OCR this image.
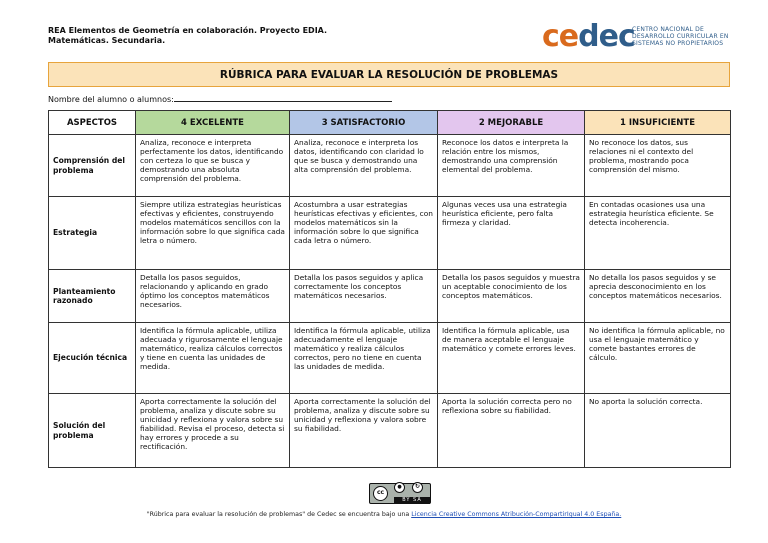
REA Elementos de Geometría en colaboración. Proyecto EDIA.
Matemáticas. Secundaria.	cedec
CENTRO NACIONAL DE DESARROLLO CURRICULAR EN SISTEMAS NO PROPIETARIOS
RÚBRICA PARA EVALUAR LA RESOLUCIÓN DE PROBLEMAS
Nombre del alumno o alumnos:
ASPECTOS	4 EXCELENTE	3 SATISFACTORIO	2 MEJORABLE	1 INSUFICIENTE
Comprensión del problema	Analiza, reconoce e interpreta perfectamente los datos, identificando con certeza lo que se busca y demostrando una absoluta comprensión del problema.	Analiza, reconoce e interpreta los datos, identificando con claridad lo que se busca y demostrando una alta comprensión del problema.	Reconoce los datos e interpreta la relación entre los mismos, demostrando una comprensión elemental del problema.	No reconoce los datos, sus relaciones ni el contexto del problema, mostrando poca comprensión del mismo.
Estrategia	Siempre utiliza estrategias heurísticas efectivas y eficientes, construyendo modelos matemáticos sencillos con la información sobre lo que significa cada letra o número.	Acostumbra a usar estrategias heurísticas efectivas y eficientes, con modelos matemáticos sin la información sobre lo que significa cada letra o número.	Algunas veces usa una estrategia heurística eficiente, pero falta firmeza y claridad.	En contadas ocasiones usa una estrategia heurística eficiente. Se detecta incoherencia.
Planteamiento razonado	Detalla los pasos seguidos, relacionando y aplicando en grado óptimo los conceptos matemáticos necesarios.	Detalla los pasos seguidos y aplica correctamente los conceptos matemáticos necesarios.	Detalla los pasos seguidos y muestra un aceptable conocimiento de los conceptos matemáticos.	No detalla los pasos seguidos y se aprecia desconocimiento en los conceptos matemáticos necesarios.
Ejecución técnica	Identifica la fórmula aplicable, utiliza adecuada y rigurosamente el lenguaje matemático, realiza cálculos correctos y tiene en cuenta las unidades de medida.	Identifica la fórmula aplicable, utiliza adecuadamente el lenguaje matemático y realiza cálculos correctos, pero no tiene en cuenta las unidades de medida.	Identifica la fórmula aplicable, usa de manera aceptable el lenguaje matemático y comete errores leves.	No identifica la fórmula aplicable, no usa el lenguaje matemático y comete bastantes errores de cálculo.
Solución del problema	Aporta correctamente la solución del problema, analiza y discute sobre su unicidad y reflexiona y valora sobre su fiabilidad. Revisa el proceso, detecta si hay errores y procede a su rectificación.	Aporta correctamente la solución del problema, analiza y discute sobre su unicidad y reflexiona y valora sobre su fiabilidad.	Aporta la solución correcta pero no reflexiona sobre su fiabilidad.	No aporta la solución correcta.
cc
●	↻
BY SA
"Rúbrica para evaluar la resolución de problemas" de Cedec se encuentra bajo una Licencia Creative Commons Atribución-CompartirIgual 4.0 España.
